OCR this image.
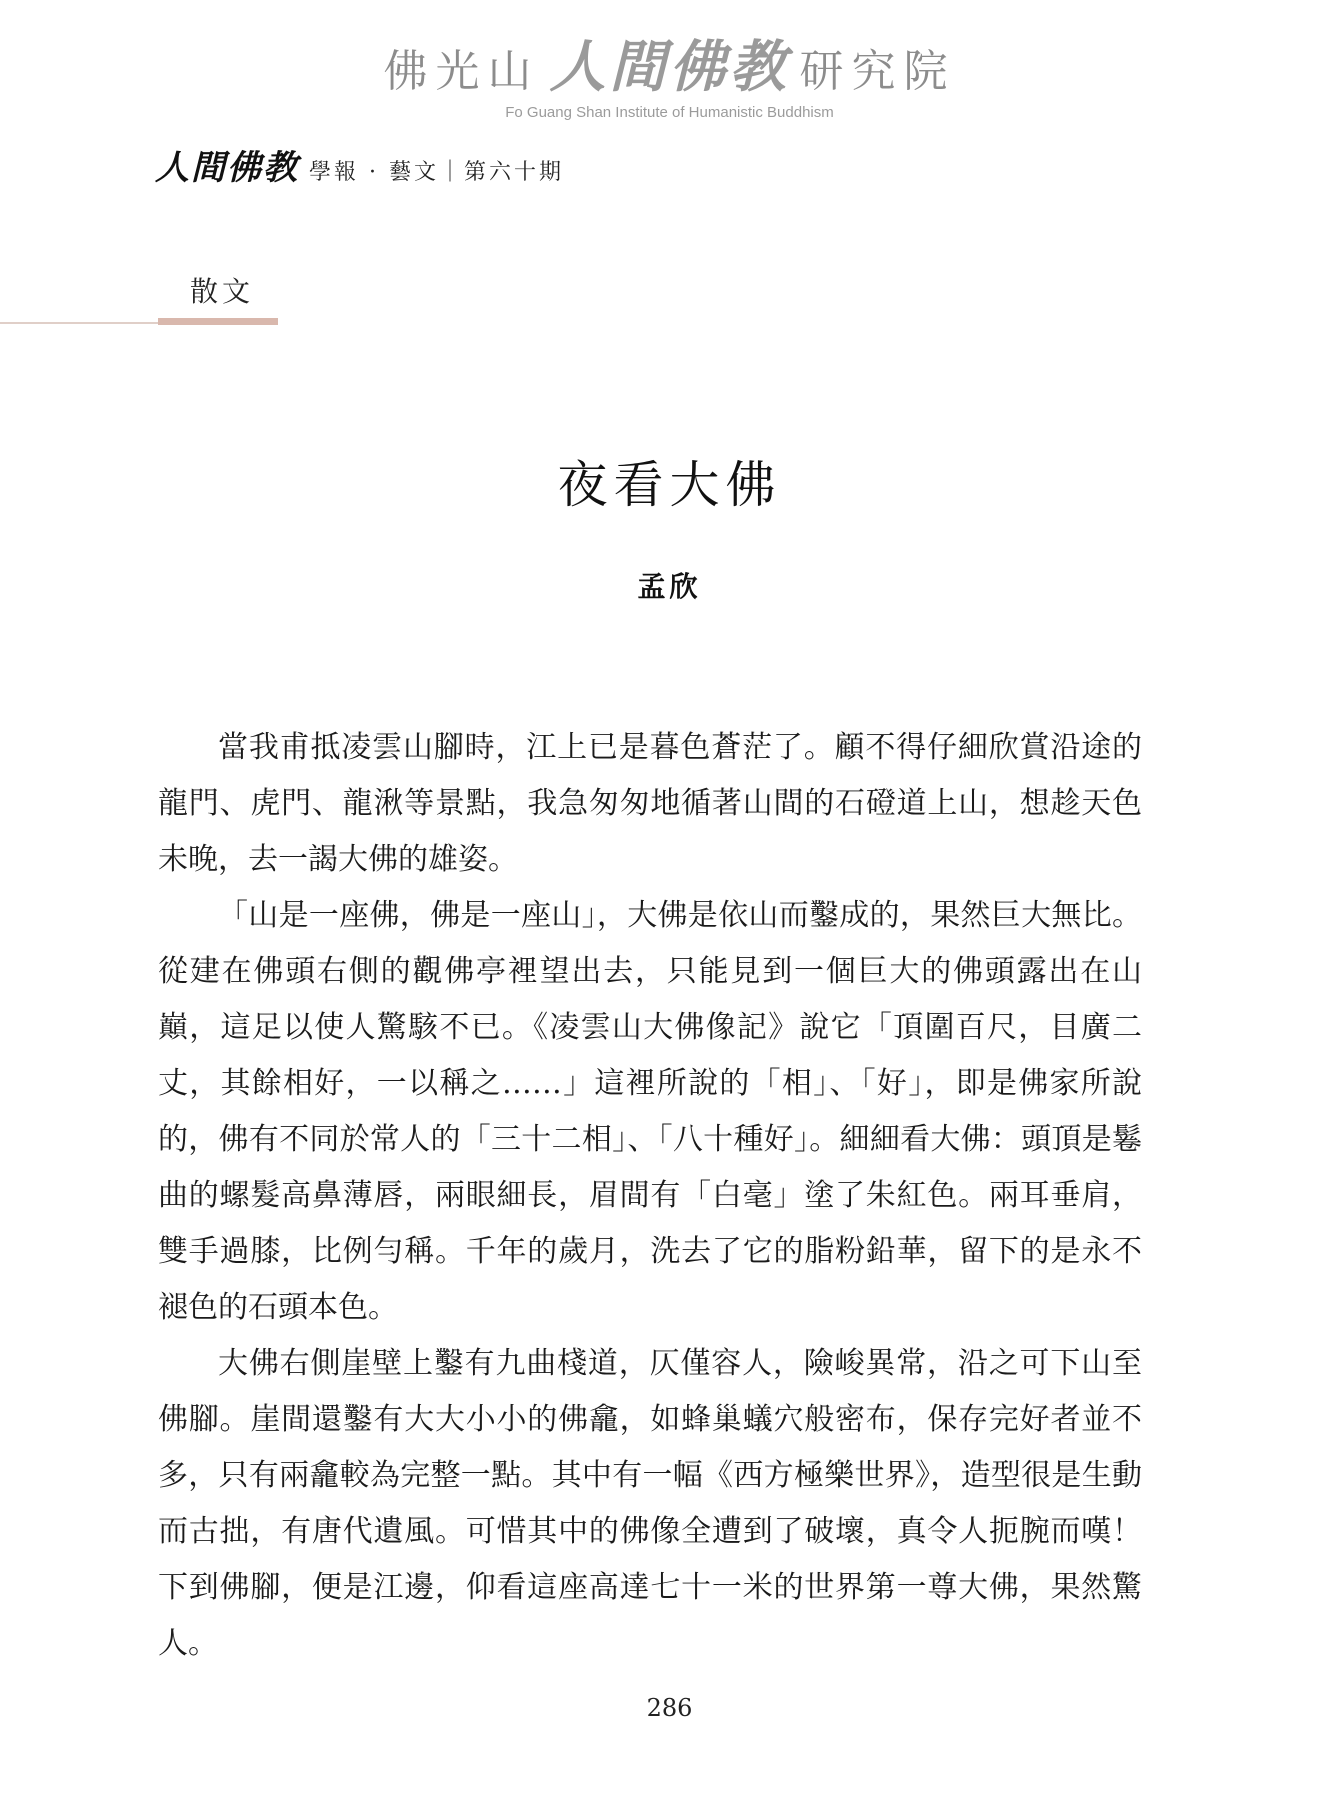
佛光山 人間佛教 研究院
Fo Guang Shan Institute of Humanistic Buddhism
人間佛教 學報 · 藝文｜第六十期
散文
夜看大佛
孟欣

當我甫抵凌雲山腳時，江上已是暮色蒼茫了。顧不得仔細欣賞沿途的龍門、虎門、龍湫等景點，我急匆匆地循著山間的石磴道上山，想趁天色未晚，去一謁大佛的雄姿。

「山是一座佛，佛是一座山」，大佛是依山而鑿成的，果然巨大無比。從建在佛頭右側的觀佛亭裡望出去，只能見到一個巨大的佛頭露出在山巔，這足以使人驚駭不已。《凌雲山大佛像記》說它「頂圍百尺，目廣二丈，其餘相好，一以稱之……」這裡所說的「相」、「好」，即是佛家所說的，佛有不同於常人的「三十二相」、「八十種好」。細細看大佛：頭頂是鬈曲的螺髮高鼻薄唇，兩眼細長，眉間有「白毫」塗了朱紅色。兩耳垂肩，雙手過膝，比例勻稱。千年的歲月，洗去了它的脂粉鉛華，留下的是永不褪色的石頭本色。

大佛右側崖壁上鑿有九曲棧道，仄僅容人，險峻異常，沿之可下山至佛腳。崖間還鑿有大大小小的佛龕，如蜂巢蟻穴般密布，保存完好者並不多，只有兩龕較為完整一點。其中有一幅《西方極樂世界》，造型很是生動而古拙，有唐代遺風。可惜其中的佛像全遭到了破壞，真令人扼腕而嘆！下到佛腳，便是江邊，仰看這座高達七十一米的世界第一尊大佛，果然驚人。

286
